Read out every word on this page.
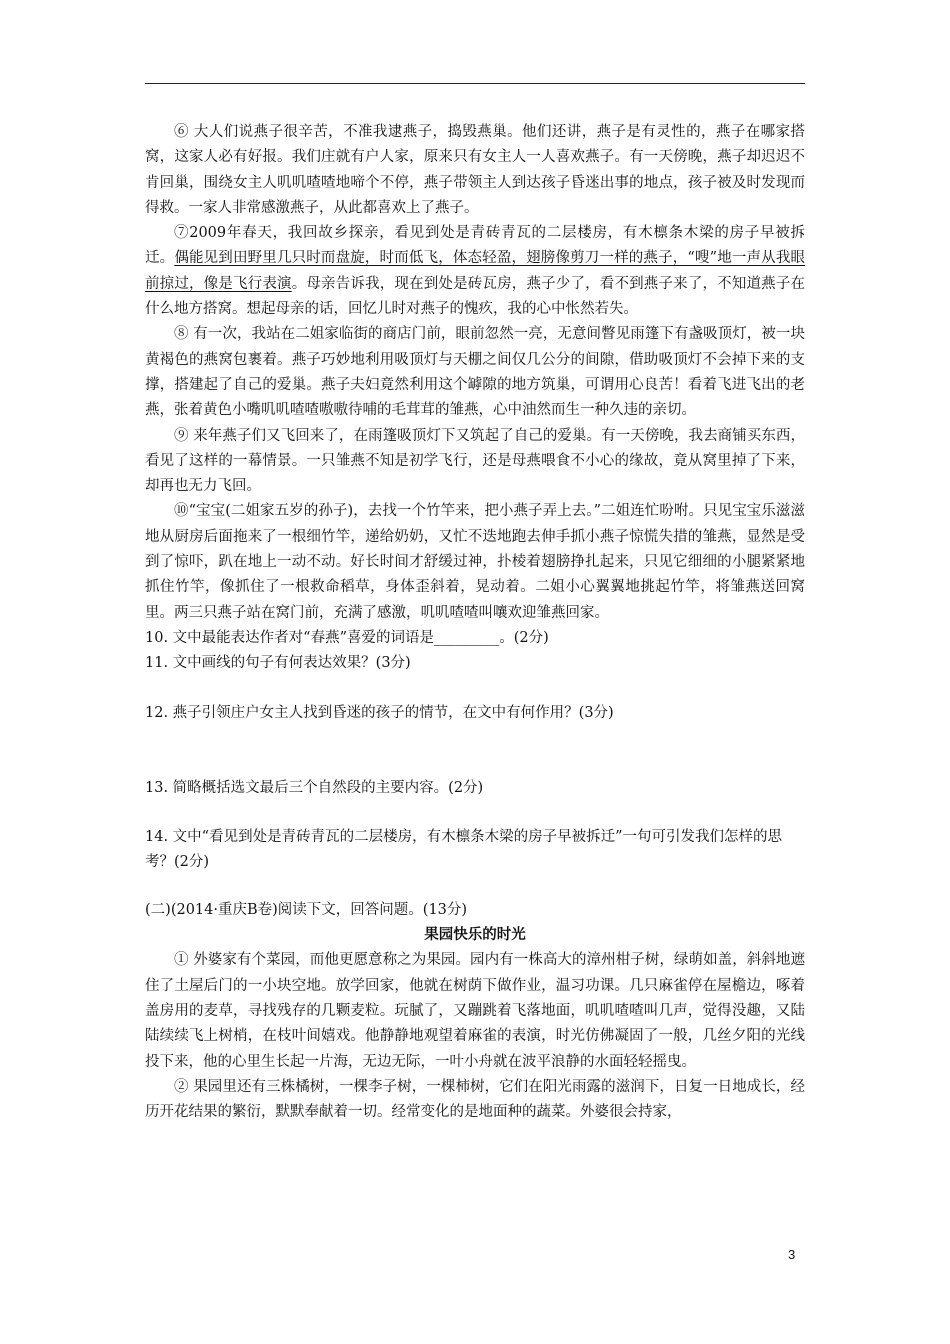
⑥ 大人们说燕子很辛苦，不准我逮燕子，捣毁燕巢。他们还讲，燕子是有灵性的，燕子在哪家搭窝，这家人必有好报。我们庄就有户人家，原来只有女主人一人喜欢燕子。有一天傍晚，燕子却迟迟不肯回巢，围绕女主人叽叽喳喳地啼个不停，燕子带领主人到达孩子昏迷出事的地点，孩子被及时发现而得救。一家人非常感激燕子，从此都喜欢上了燕子。

⑦2009年春天，我回故乡探亲，看见到处是青砖青瓦的二层楼房，有木檩条木梁的房子早被拆迁。偶能见到田野里几只时而盘旋，时而低飞，体态轻盈，翅膀像剪刀一样的燕子，“嗖”地一声从我眼前掠过，像是飞行表演。母亲告诉我，现在到处是砖瓦房，燕子少了，看不到燕子来了，不知道燕子在什么地方搭窝。想起母亲的话，回忆儿时对燕子的愧疚，我的心中怅然若失。

⑧ 有一次，我站在二姐家临街的商店门前，眼前忽然一亮，无意间瞥见雨篷下有盏吸顶灯，被一块黄褐色的燕窝包裹着。燕子巧妙地利用吸顶灯与天棚之间仅几公分的间隙，借助吸顶灯不会掉下来的支撑，搭建起了自己的爱巢。燕子夫妇竟然利用这个罅隙的地方筑巢，可谓用心良苦！看着飞进飞出的老燕，张着黄色小嘴叽叽喳喳嗷嗷待哺的毛茸茸的雏燕，心中油然而生一种久违的亲切。

⑨ 来年燕子们又飞回来了，在雨篷吸顶灯下又筑起了自己的爱巢。有一天傍晚，我去商铺买东西，看见了这样的一幕情景。一只雏燕不知是初学飞行，还是母燕喂食不小心的缘故，竟从窝里掉了下来，却再也无力飞回。

⑩“宝宝(二姐家五岁的孙子)，去找一个竹竿来，把小燕子弄上去。”二姐连忙吩咐。只见宝宝乐滋滋地从厨房后面拖来了一根细竹竿，递给奶奶，又忙不迭地跑去伸手抓小燕子惊慌失措的雏燕，显然是受到了惊吓，趴在地上一动不动。好长时间才舒缓过神，扑棱着翅膀挣扎起来，只见它细细的小腿紧紧地抓住竹竿，像抓住了一根救命稻草，身体歪斜着，晃动着。二姐小心翼翼地挑起竹竿，将雏燕送回窝里。两三只燕子站在窝门前，充满了感激，叽叽喳喳叫嚷欢迎雏燕回家。

10. 文中最能表达作者对“春燕”喜爱的词语是_________。(2分)

11. 文中画线的句子有何表达效果？(3分)

12. 燕子引领庄户女主人找到昏迷的孩子的情节，在文中有何作用？(3分)

13. 简略概括选文最后三个自然段的主要内容。(2分)

14. 文中“看见到处是青砖青瓦的二层楼房，有木檩条木梁的房子早被拆迁”一句可引发我们怎样的思考？(2分)

(二)(2014·重庆B卷)阅读下文，回答问题。(13分)

果园快乐的时光

① 外婆家有个菜园，而他更愿意称之为果园。园内有一株高大的漳州柑子树，绿萌如盖，斜斜地遮住了土屋后门的一小块空地。放学回家，他就在树荫下做作业，温习功课。几只麻雀停在屋檐边，啄着盖房用的麦草，寻找残存的几颗麦粒。玩腻了，又蹦跳着飞落地面，叽叽喳喳叫几声，觉得没趣，又陆陆续续飞上树梢，在枝叶间嬉戏。他静静地观望着麻雀的表演，时光仿佛凝固了一般，几丝夕阳的光线投下来，他的心里生长起一片海，无边无际，一叶小舟就在波平浪静的水面轻轻摇曳。

② 果园里还有三株橘树，一棵李子树，一棵柿树，它们在阳光雨露的滋润下，日复一日地成长，经历开花结果的繁衍，默默奉献着一切。经常变化的是地面种的蔬菜。外婆很会持家，

3
